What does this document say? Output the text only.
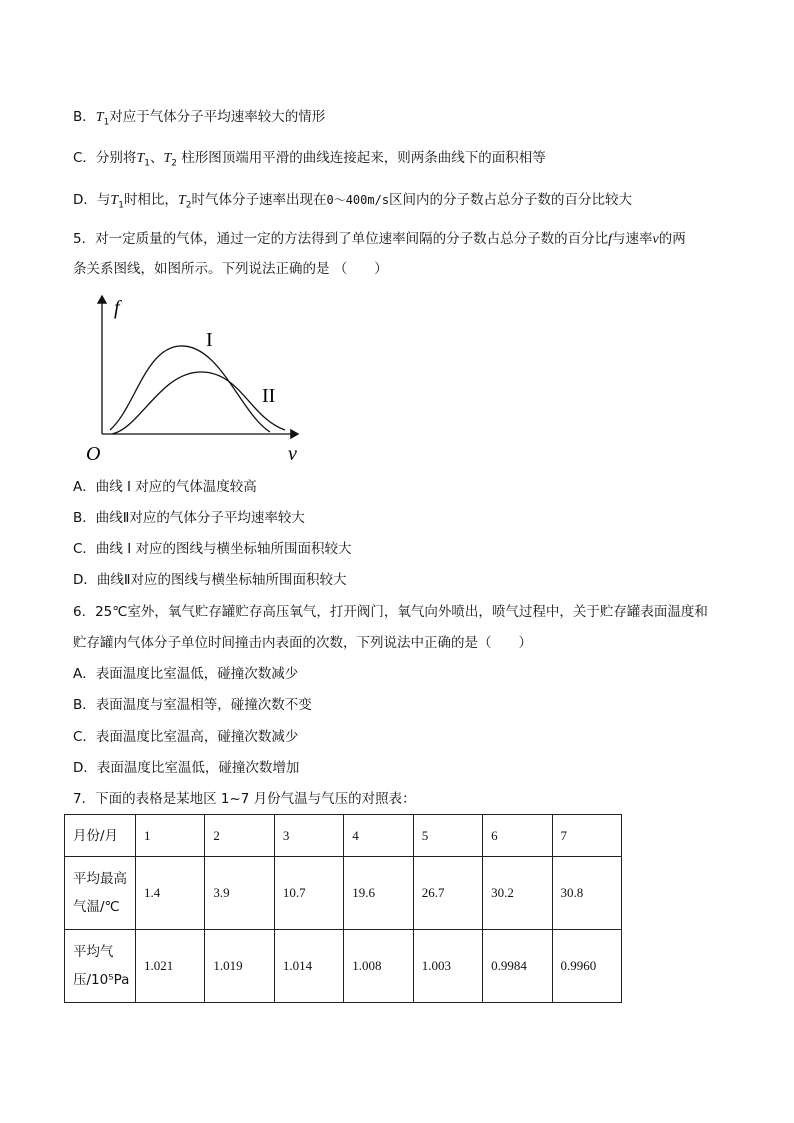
B．$T_1$对应于气体分子平均速率较大的情形
C．分别将$T_1$、$T_2$ 柱形图顶端用平滑的曲线连接起来，则两条曲线下的面积相等
D．与$T_1$时相比，$T_2$时气体分子速率出现在0～400m/s区间内的分子数占总分子数的百分比较大
5．对一定质量的气体，通过一定的方法得到了单位速率间隔的分子数占总分子数的百分比f与速率v的两
条关系图线，如图所示。下列说法正确的是 （　　）
f
v
O
I
II
A．曲线 I 对应的气体温度较高
B．曲线Ⅱ对应的气体分子平均速率较大
C．曲线 I 对应的图线与横坐标轴所围面积较大
D．曲线Ⅱ对应的图线与横坐标轴所围面积较大
6．25℃室外，氧气贮存罐贮存高压氧气，打开阀门，氧气向外喷出，喷气过程中，关于贮存罐表面温度和
贮存罐内气体分子单位时间撞击内表面的次数，下列说法中正确的是（　　）
A．表面温度比室温低，碰撞次数减少
B．表面温度与室温相等，碰撞次数不变
C．表面温度比室温高，碰撞次数减少
D．表面温度比室温低，碰撞次数增加
7．下面的表格是某地区 1~7 月份气温与气压的对照表：
月份/月	1	2	3	4	5	6	7
平均最高气温/℃	1.4	3.9	10.7	19.6	26.7	30.2	30.8
平均气压/10⁵Pa	1.021	1.019	1.014	1.008	1.003	0.9984	0.9960
